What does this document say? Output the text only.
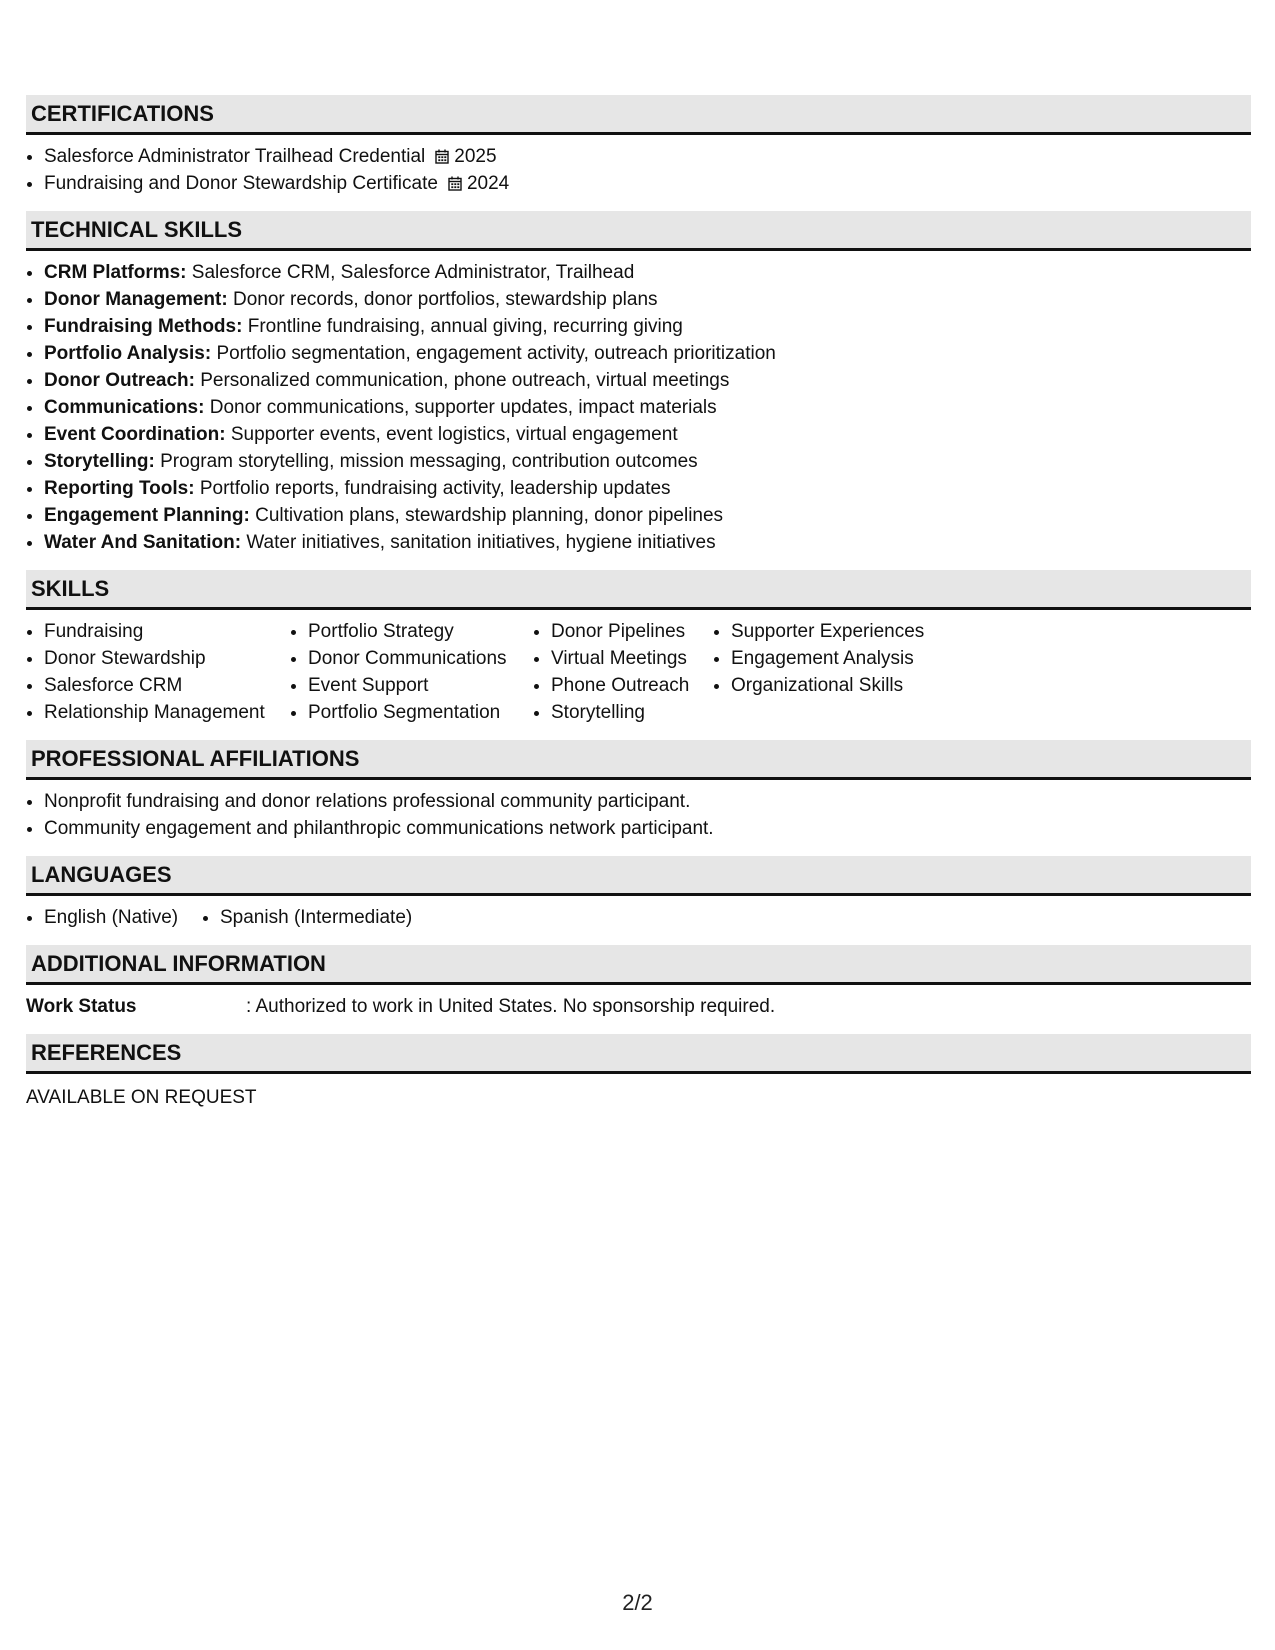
CERTIFICATIONS
• Salesforce Administrator Trailhead Credential 2025
• Fundraising and Donor Stewardship Certificate 2024
TECHNICAL SKILLS
• CRM Platforms: Salesforce CRM, Salesforce Administrator, Trailhead
• Donor Management: Donor records, donor portfolios, stewardship plans
• Fundraising Methods: Frontline fundraising, annual giving, recurring giving
• Portfolio Analysis: Portfolio segmentation, engagement activity, outreach prioritization
• Donor Outreach: Personalized communication, phone outreach, virtual meetings
• Communications: Donor communications, supporter updates, impact materials
• Event Coordination: Supporter events, event logistics, virtual engagement
• Storytelling: Program storytelling, mission messaging, contribution outcomes
• Reporting Tools: Portfolio reports, fundraising activity, leadership updates
• Engagement Planning: Cultivation plans, stewardship planning, donor pipelines
• Water And Sanitation: Water initiatives, sanitation initiatives, hygiene initiatives
SKILLS
• Fundraising
• Donor Stewardship
• Salesforce CRM
• Relationship Management
• Portfolio Strategy
• Donor Communications
• Event Support
• Portfolio Segmentation
• Donor Pipelines
• Virtual Meetings
• Phone Outreach
• Storytelling
• Supporter Experiences
• Engagement Analysis
• Organizational Skills
PROFESSIONAL AFFILIATIONS
• Nonprofit fundraising and donor relations professional community participant.
• Community engagement and philanthropic communications network participant.
LANGUAGES
• English (Native)
•	Spanish (Intermediate)
ADDITIONAL INFORMATION
Work Status	: Authorized to work in United States. No sponsorship required.
REFERENCES
AVAILABLE ON REQUEST
2/2
